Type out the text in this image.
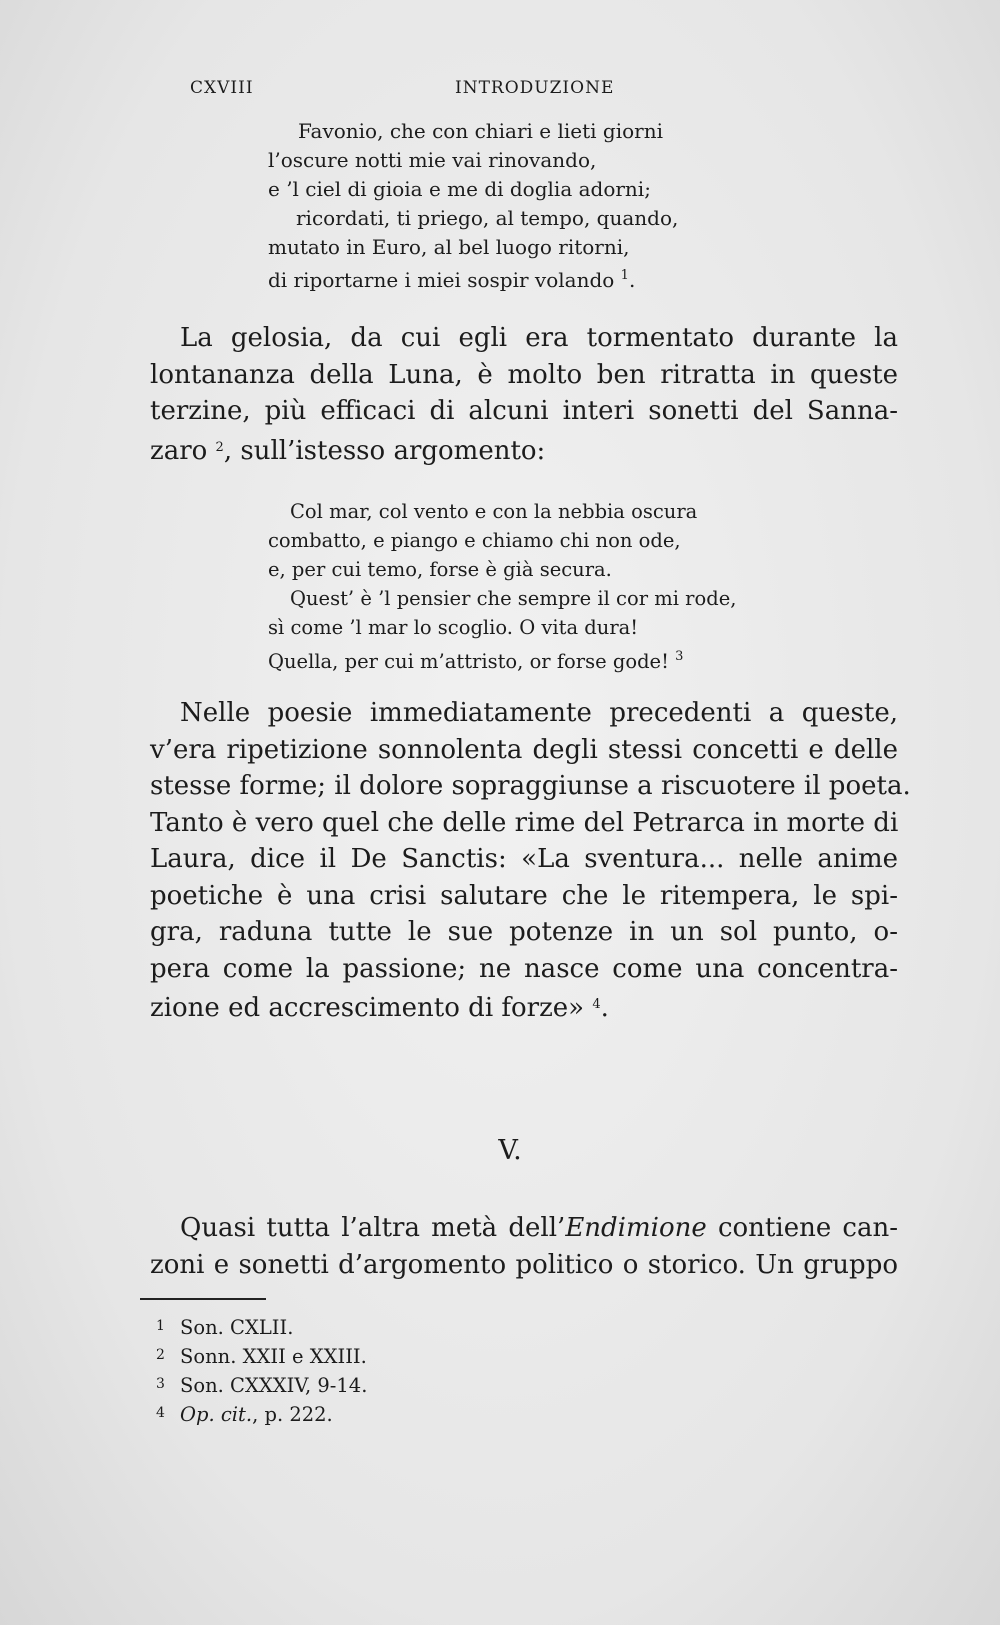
CXVIII	INTRODUZIONE
Favonio, che con chiari e lieti giorni
l’oscure notti mie vai rinovando,
e ’l ciel di gioia e me di doglia adorni;
ricordati, ti priego, al tempo, quando,
mutato in Euro, al bel luogo ritorni,
di riportarne i miei sospir volando $^1$.
La gelosia, da cui egli era tormentato durante la
lontananza della Luna, è molto ben ritratta in queste
terzine, più efficaci di alcuni interi sonetti del Sanna-
zaro $^2$, sull’istesso argomento:
Col mar, col vento e con la nebbia oscura
combatto, e piango e chiamo chi non ode,
e, per cui temo, forse è già secura.
Quest’ è ’l pensier che sempre il cor mi rode,
sì come ’l mar lo scoglio. O vita dura!
Quella, per cui m’attristo, or forse gode! $^3$
Nelle poesie immediatamente precedenti a queste,
v’era ripetizione sonnolenta degli stessi concetti e delle
stesse forme; il dolore sopraggiunse a riscuotere il poeta.
Tanto è vero quel che delle rime del Petrarca in morte di
Laura, dice il De Sanctis: «La sventura... nelle anime
poetiche è una crisi salutare che le ritempera, le spi-
gra, raduna tutte le sue potenze in un sol punto, o-
pera come la passione; ne nasce come una concentra-
zione ed accrescimento di forze» $^4$.
V.
Quasi tutta l’altra metà dell’Endimione contiene can-
zoni e sonetti d’argomento politico o storico. Un gruppo
1 Son. CXLII.
2 Sonn. XXII e XXIII.
3 Son. CXXXIV, 9-14.
4 Op. cit., p. 222.
